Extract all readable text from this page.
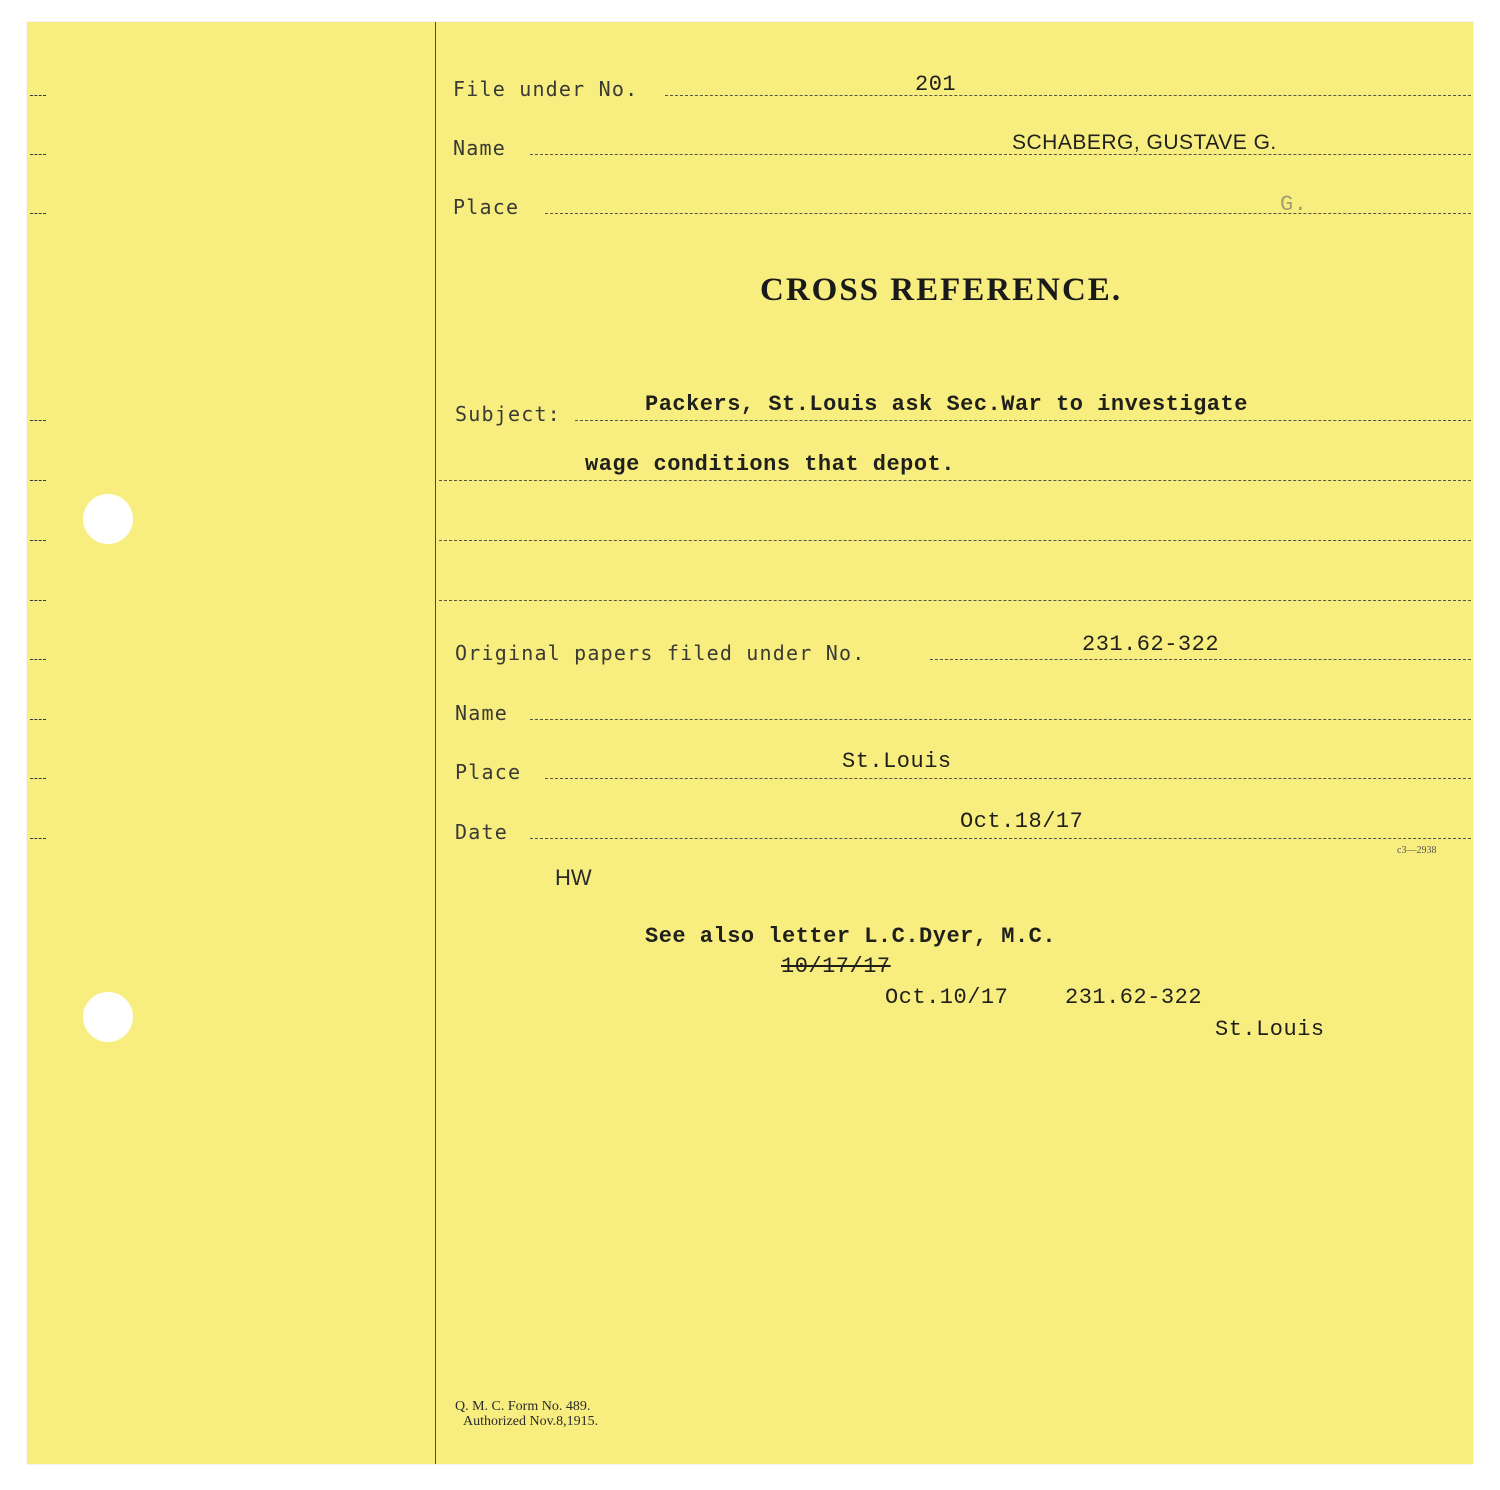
File under No.	201
Name	SCHABERG, GUSTAVE G.
Place	G.
CROSS REFERENCE.
Subject:	Packers, St.Louis ask Sec.War to investigate
wage conditions that depot.
Original papers filed under No.	231.62-322
Name
Place	St.Louis
Date	Oct.18/17
c3—2938
HW
See also letter L.C.Dyer, M.C.
10/17/17
Oct.10/17	231.62-322
St.Louis
Q. M. C. Form No. 489.
Authorized Nov.8,1915.
